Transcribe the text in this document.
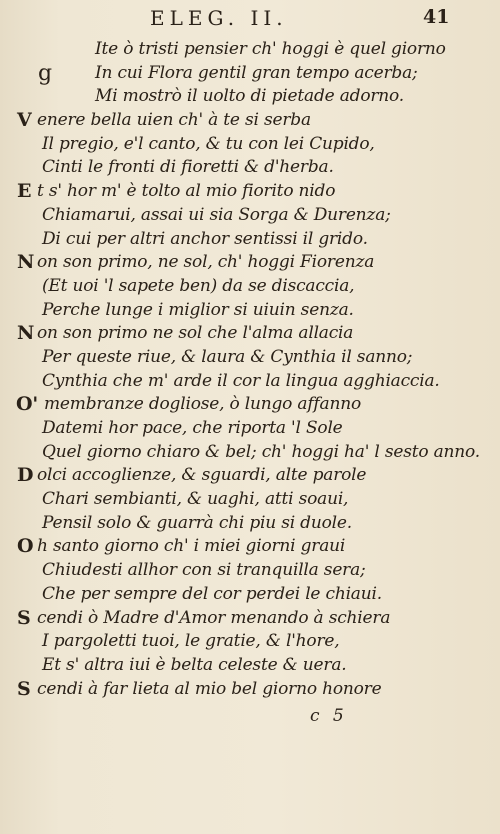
ELEG. II.	41
Ite ò tristi pensier ch' hoggi è quel giorno
g	In cui Flora gentil gran tempo acerba;
Mi mostrò il uolto di pietade adorno.
V enere bella uien ch' à te si serba
Il pregio, e'l canto, & tu con lei Cupido,
Cinti le fronti di fioretti & d'herba.
E t s' hor m' è tolto al mio fiorito nido
Chiamarui, assai ui sia Sorga & Durenza;
Di cui per altri anchor sentissi il grido.
N on son primo, ne sol, ch' hoggi Fiorenza
(Et uoi 'l sapete ben) da se discaccia,
Perche lunge i miglior si uiuin senza.
N on son primo ne sol che l'alma allacia
Per queste riue, & laura & Cynthia il sanno;
Cynthia che m' arde il cor la lingua agghiaccia.
O' membranze dogliose, ò lungo affanno
Datemi hor pace, che riporta 'l Sole
Quel giorno chiaro & bel; ch' hoggi ha' l sesto anno.
D olci accoglienze, & sguardi, alte parole
Chari sembianti, & uaghi, atti soaui,
Pensil solo & guarrà chi piu si duole.
O h santo giorno ch' i miei giorni graui
Chiudesti allhor con si tranquilla sera;
Che per sempre del cor perdei le chiaui.
S cendi ò Madre d'Amor menando à schiera
I pargoletti tuoi, le gratie, & l'hore,
Et s' altra iui è belta celeste & uera.
S cendi à far lieta al mio bel giorno honore
c 5
